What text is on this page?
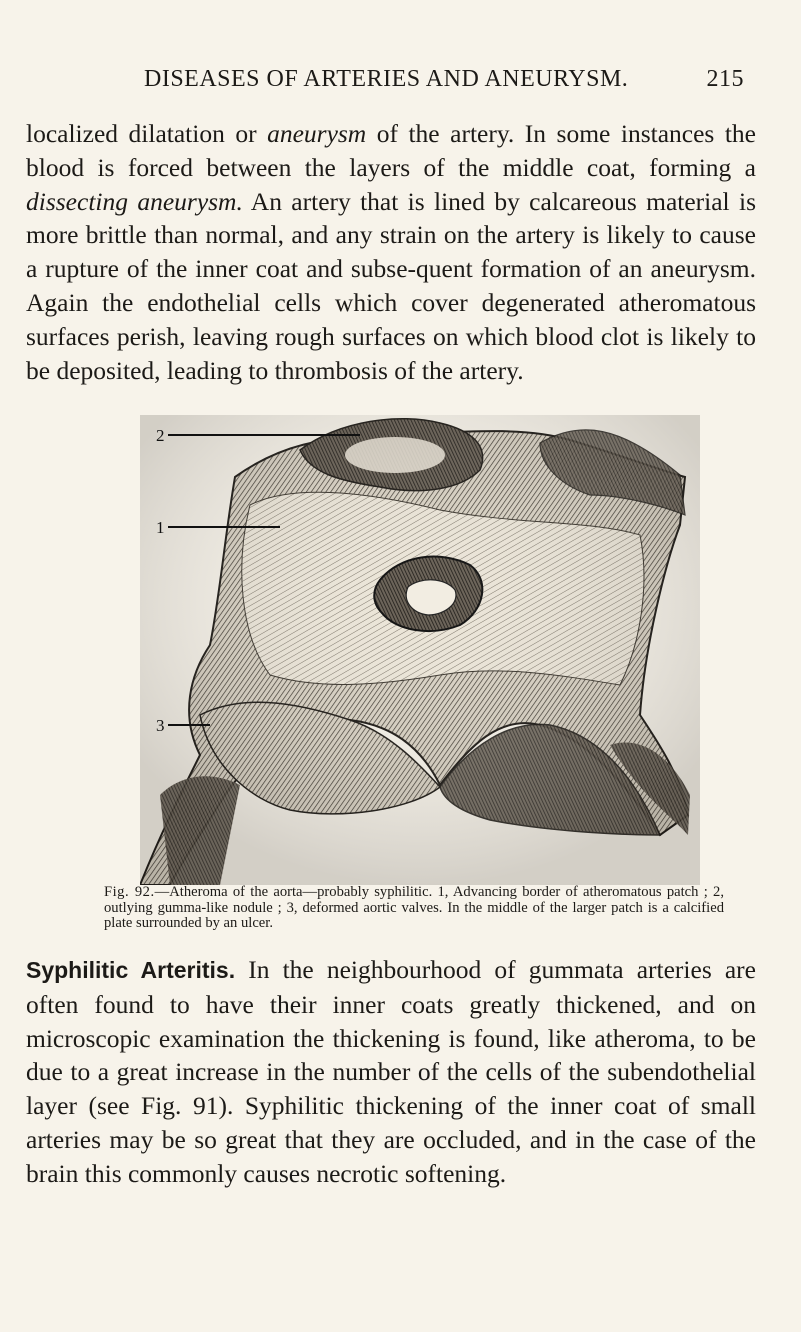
DISEASES OF ARTERIES AND ANEURYSM.	215

localized dilatation or aneurysm of the artery. In some instances the blood is forced between the layers of the middle coat, forming a dissecting aneurysm. An artery that is lined by calcareous material is more brittle than normal, and any strain on the artery is likely to cause a rupture of the inner coat and subse-quent formation of an aneurysm. Again the endothelial cells which cover degenerated atheromatous surfaces perish, leaving rough surfaces on which blood clot is likely to be deposited, leading to thrombosis of the artery.

2
1
3

Fig. 92.—Atheroma of the aorta—probably syphilitic. 1, Advancing border of atheromatous patch ; 2, outlying gumma-like nodule ; 3, deformed aortic valves. In the middle of the larger patch is a calcified plate surrounded by an ulcer.

Syphilitic Arteritis. In the neighbourhood of gummata arteries are often found to have their inner coats greatly thickened, and on microscopic examination the thickening is found, like atheroma, to be due to a great increase in the number of the cells of the subendothelial layer (see Fig. 91). Syphilitic thickening of the inner coat of small arteries may be so great that they are occluded, and in the case of the brain this commonly causes necrotic softening.
